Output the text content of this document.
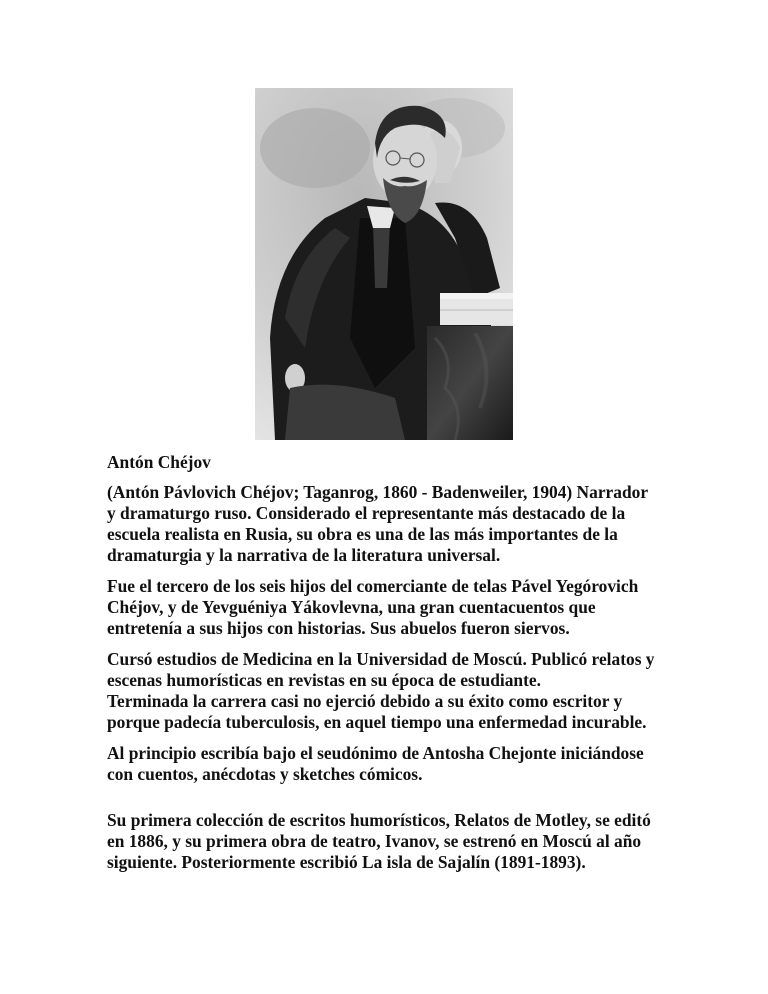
Antón Chéjov

(Antón Pávlovich Chéjov; Taganrog, 1860 - Badenweiler, 1904) Narrador
y dramaturgo ruso. Considerado el representante más destacado de la
escuela realista en Rusia, su obra es una de las más importantes de la
dramaturgia y la narrativa de la literatura universal.

Fue el tercero de los seis hijos del comerciante de telas Pável Yegórovich
Chéjov, y de Yevguéniya Yákovlevna, una gran cuentacuentos que
entretenía a sus hijos con historias. Sus abuelos fueron siervos.

Cursó estudios de Medicina en la Universidad de Moscú. Publicó relatos y
escenas humorísticas en revistas en su época de estudiante.
Terminada la carrera casi no ejerció debido a su éxito como escritor y
porque padecía tuberculosis, en aquel tiempo una enfermedad incurable.

Al principio escribía bajo el seudónimo de Antosha Chejonte iniciándose
con cuentos, anécdotas y sketches cómicos.

Su primera colección de escritos humorísticos, Relatos de Motley, se editó
en 1886, y su primera obra de teatro, Ivanov, se estrenó en Moscú al año
siguiente. Posteriormente escribió La isla de Sajalín (1891-1893).
